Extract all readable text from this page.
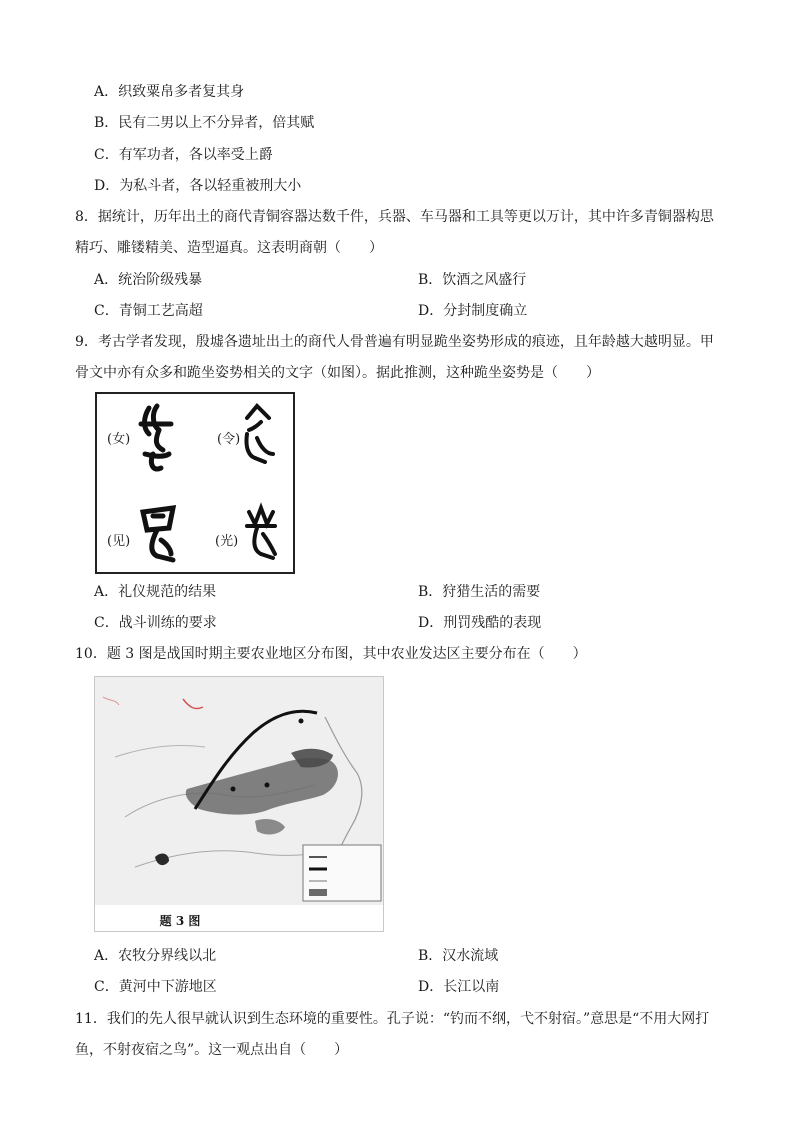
A．织致粟帛多者复其身
B．民有二男以上不分异者，倍其赋
C．有军功者，各以率受上爵
D．为私斗者，各以轻重被刑大小
8．据统计，历年出土的商代青铜容器达数千件，兵器、车马器和工具等更以万计，其中许多青铜器构思
精巧、雕镂精美、造型逼真。这表明商朝（　　）
A．统治阶级残暴	B．饮酒之风盛行
C．青铜工艺高超	D．分封制度确立
9．考古学者发现，殷墟各遗址出土的商代人骨普遍有明显跪坐姿势形成的痕迹，且年龄越大越明显。甲
骨文中亦有众多和跪坐姿势相关的文字（如图）。据此推测，这种跪坐姿势是（　　）
(女)	(令)
(见)	(光)
A．礼仪规范的结果	B．狩猎生活的需要
C．战斗训练的要求	D．刑罚残酷的表现
10．题 3 图是战国时期主要农业地区分布图，其中农业发达区主要分布在（　　）
题 3 图
A．农牧分界线以北	B．汉水流域
C．黄河中下游地区	D．长江以南
11．我们的先人很早就认识到生态环境的重要性。孔子说：“钓而不纲，弋不射宿。”意思是“不用大网打
鱼，不射夜宿之鸟”。这一观点出自（　　）
